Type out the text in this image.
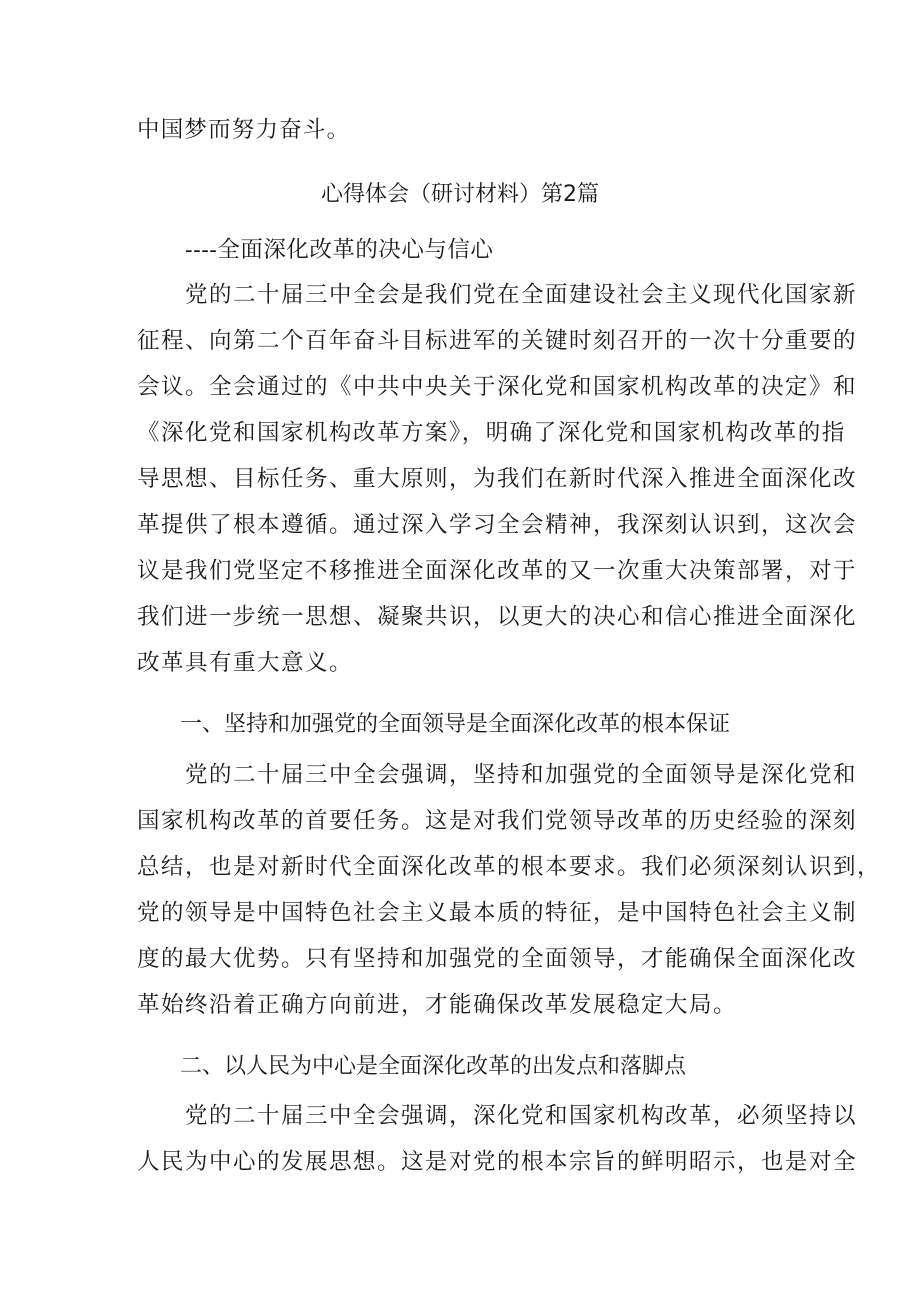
中国梦而努力奋斗。
心得体会（研讨材料）第2篇
----全面深化改革的决心与信心
　　党的二十届三中全会是我们党在全面建设社会主义现代化国家新
征程、向第二个百年奋斗目标进军的关键时刻召开的一次十分重要的
会议。全会通过的《中共中央关于深化党和国家机构改革的决定》和
《深化党和国家机构改革方案》，明确了深化党和国家机构改革的指
导思想、目标任务、重大原则，为我们在新时代深入推进全面深化改
革提供了根本遵循。通过深入学习全会精神，我深刻认识到，这次会
议是我们党坚定不移推进全面深化改革的又一次重大决策部署，对于
我们进一步统一思想、凝聚共识，以更大的决心和信心推进全面深化
改革具有重大意义。
一、坚持和加强党的全面领导是全面深化改革的根本保证
　　党的二十届三中全会强调，坚持和加强党的全面领导是深化党和
国家机构改革的首要任务。这是对我们党领导改革的历史经验的深刻
总结，也是对新时代全面深化改革的根本要求。我们必须深刻认识到，
党的领导是中国特色社会主义最本质的特征，是中国特色社会主义制
度的最大优势。只有坚持和加强党的全面领导，才能确保全面深化改
革始终沿着正确方向前进，才能确保改革发展稳定大局。
二、以人民为中心是全面深化改革的出发点和落脚点
　　党的二十届三中全会强调，深化党和国家机构改革，必须坚持以
人民为中心的发展思想。这是对党的根本宗旨的鲜明昭示，也是对全
